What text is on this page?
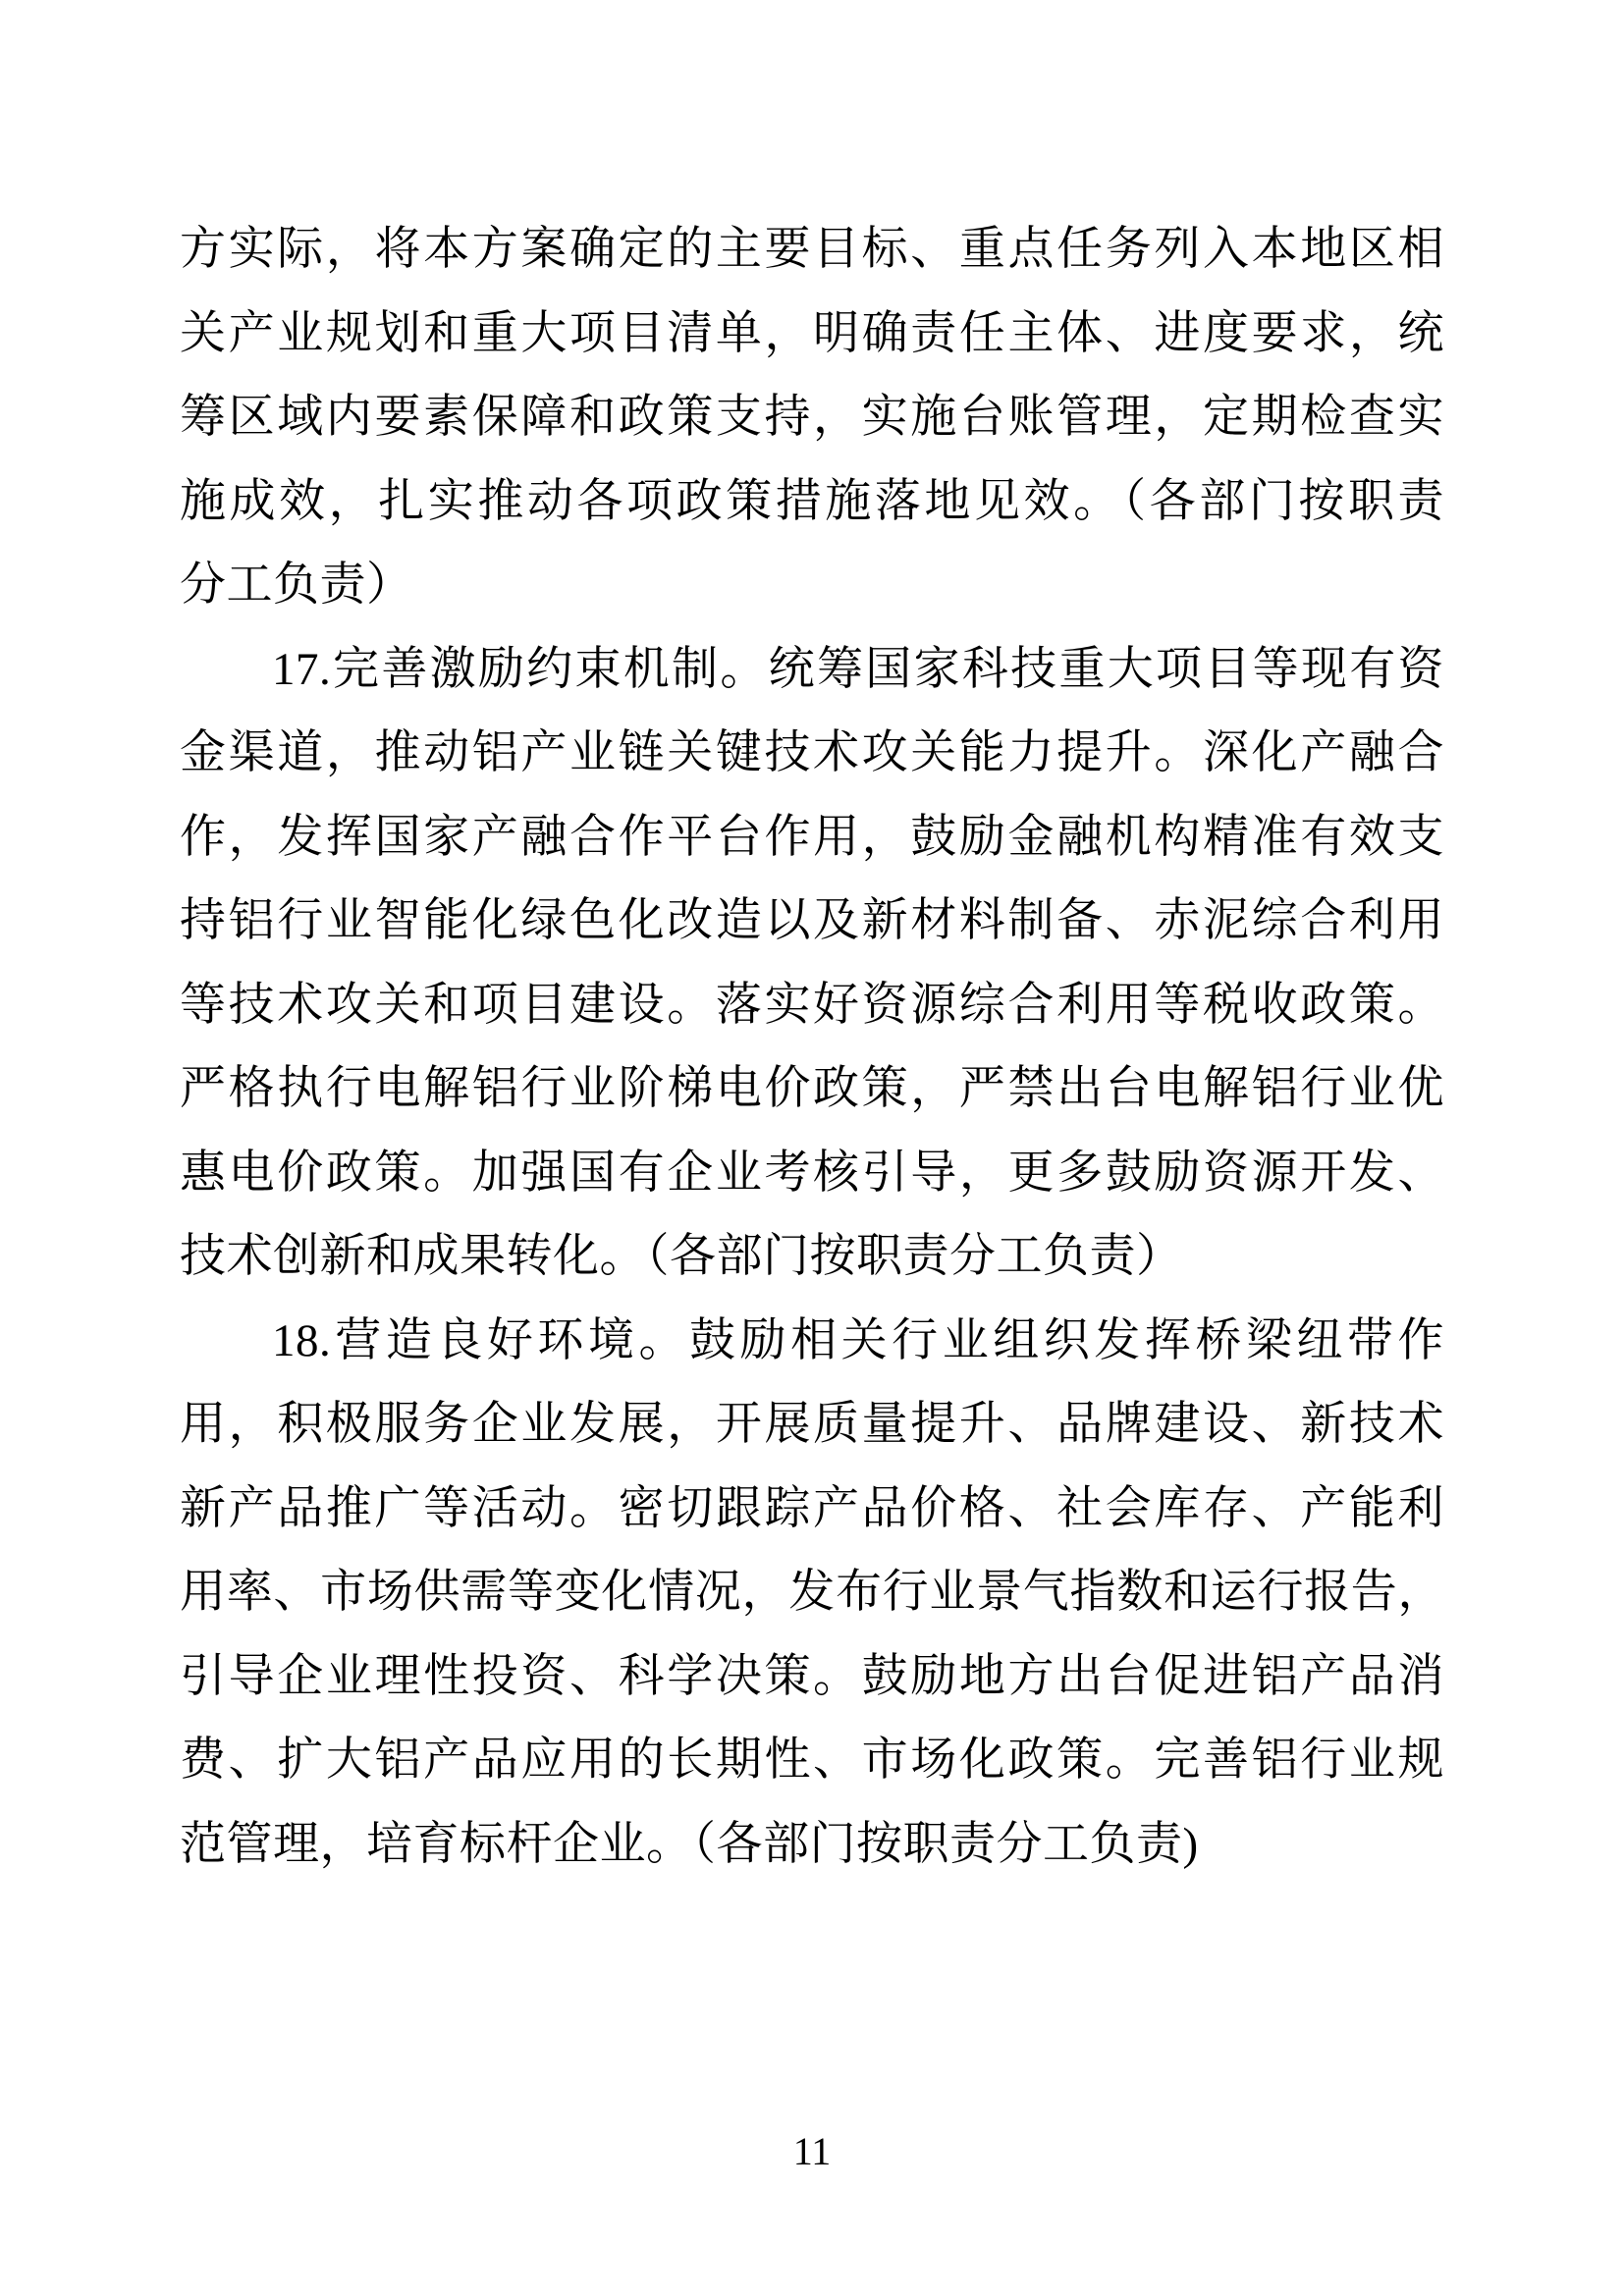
方实际，将本方案确定的主要目标、重点任务列入本地区相
关产业规划和重大项目清单，明确责任主体、进度要求，统
筹区域内要素保障和政策支持，实施台账管理，定期检查实
施成效，扎实推动各项政策措施落地见效。（各部门按职责
分工负责）
17.完善激励约束机制。统筹国家科技重大项目等现有资
金渠道，推动铝产业链关键技术攻关能力提升。深化产融合
作，发挥国家产融合作平台作用，鼓励金融机构精准有效支
持铝行业智能化绿色化改造以及新材料制备、赤泥综合利用
等技术攻关和项目建设。落实好资源综合利用等税收政策。
严格执行电解铝行业阶梯电价政策，严禁出台电解铝行业优
惠电价政策。加强国有企业考核引导，更多鼓励资源开发、
技术创新和成果转化。（各部门按职责分工负责）
18.营造良好环境。鼓励相关行业组织发挥桥梁纽带作
用，积极服务企业发展，开展质量提升、品牌建设、新技术
新产品推广等活动。密切跟踪产品价格、社会库存、产能利
用率、市场供需等变化情况，发布行业景气指数和运行报告，
引导企业理性投资、科学决策。鼓励地方出台促进铝产品消
费、扩大铝产品应用的长期性、市场化政策。完善铝行业规
范管理，培育标杆企业。（各部门按职责分工负责)
11
